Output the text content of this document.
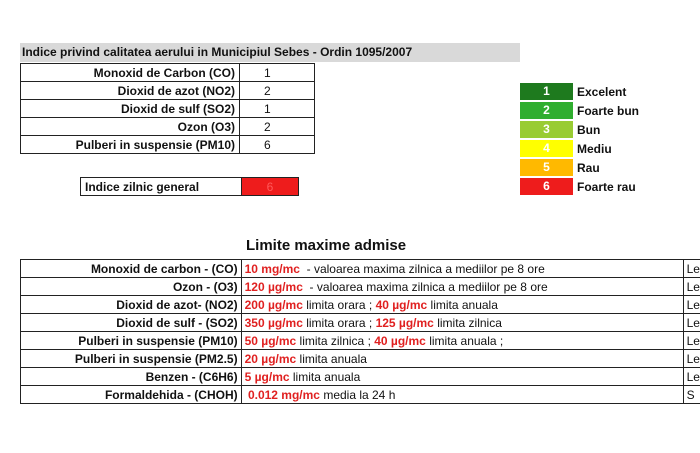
Indice privind calitatea aerului in Municipiul Sebes - Ordin 1095/2007
Monoxid de Carbon (CO)	1
Dioxid de azot (NO2)	2
Dioxid de sulf (SO2)	1
Ozon (O3)	2
Pulberi in suspensie (PM10)	6
Indice zilnic general	6
1	Excelent
2	Foarte bun
3	Bun
4	Mediu
5	Rau
6	Foarte rau
Limite maxime admise
Monoxid de carbon - (CO)	10 mg/mc  - valoarea maxima zilnica a mediilor pe 8 ore	Le
Ozon - (O3)	120 µg/mc  - valoarea maxima zilnica a mediilor pe 8 ore	Le
Dioxid de azot- (NO2)	200 µg/mc limita orara ; 40 µg/mc limita anuala	Le
Dioxid de sulf - (SO2)	350 µg/mc limita orara ; 125 µg/mc limita zilnica	Le
Pulberi in suspensie (PM10)	50 µg/mc limita zilnica ; 40 µg/mc limita anuala ;	Le
Pulberi in suspensie (PM2.5)	20 µg/mc limita anuala	Le
Benzen - (C6H6)	5 µg/mc limita anuala	Le
Formaldehida - (CHOH)	0.012 mg/mc media la 24 h	S
